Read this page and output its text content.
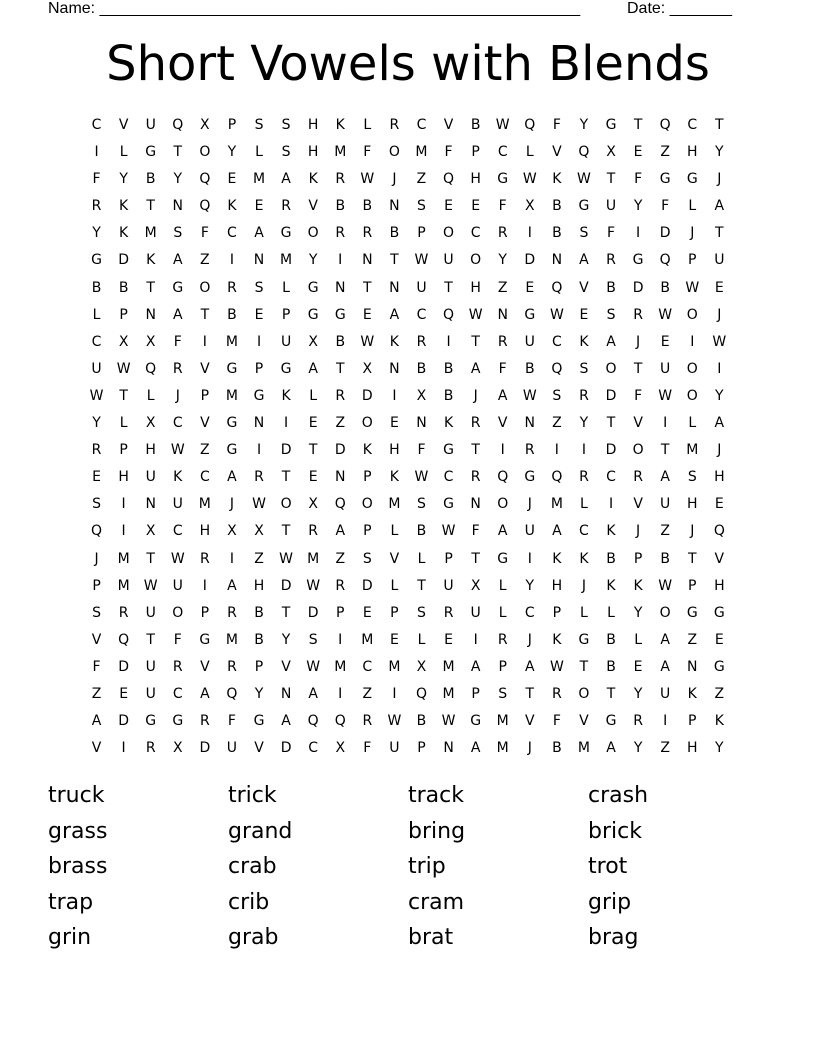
Name: ______________________________________________________	Date: _______
Short Vowels with Blends
C	V	U	Q	X	P	S	S	H	K	L	R	C	V	B	W	Q	F	Y	G	T	Q	C	T
I	L	G	T	O	Y	L	S	H	M	F	O	M	F	P	C	L	V	Q	X	E	Z	H	Y
F	Y	B	Y	Q	E	M	A	K	R	W	J	Z	Q	H	G	W	K	W	T	F	G	G	J
R	K	T	N	Q	K	E	R	V	B	B	N	S	E	E	F	X	B	G	U	Y	F	L	A
Y	K	M	S	F	C	A	G	O	R	R	B	P	O	C	R	I	B	S	F	I	D	J	T
G	D	K	A	Z	I	N	M	Y	I	N	T	W	U	O	Y	D	N	A	R	G	Q	P	U
B	B	T	G	O	R	S	L	G	N	T	N	U	T	H	Z	E	Q	V	B	D	B	W	E
L	P	N	A	T	B	E	P	G	G	E	A	C	Q	W	N	G	W	E	S	R	W	O	J
C	X	X	F	I	M	I	U	X	B	W	K	R	I	T	R	U	C	K	A	J	E	I	W
U	W	Q	R	V	G	P	G	A	T	X	N	B	B	A	F	B	Q	S	O	T	U	O	I
W	T	L	J	P	M	G	K	L	R	D	I	X	B	J	A	W	S	R	D	F	W	O	Y
Y	L	X	C	V	G	N	I	E	Z	O	E	N	K	R	V	N	Z	Y	T	V	I	L	A
R	P	H	W	Z	G	I	D	T	D	K	H	F	G	T	I	R	I	I	D	O	T	M	J
E	H	U	K	C	A	R	T	E	N	P	K	W	C	R	Q	G	Q	R	C	R	A	S	H
S	I	N	U	M	J	W	O	X	Q	O	M	S	G	N	O	J	M	L	I	V	U	H	E
Q	I	X	C	H	X	X	T	R	A	P	L	B	W	F	A	U	A	C	K	J	Z	J	Q
J	M	T	W	R	I	Z	W	M	Z	S	V	L	P	T	G	I	K	K	B	P	B	T	V
P	M	W	U	I	A	H	D	W	R	D	L	T	U	X	L	Y	H	J	K	K	W	P	H
S	R	U	O	P	R	B	T	D	P	E	P	S	R	U	L	C	P	L	L	Y	O	G	G
V	Q	T	F	G	M	B	Y	S	I	M	E	L	E	I	R	J	K	G	B	L	A	Z	E
F	D	U	R	V	R	P	V	W	M	C	M	X	M	A	P	A	W	T	B	E	A	N	G
Z	E	U	C	A	Q	Y	N	A	I	Z	I	Q	M	P	S	T	R	O	T	Y	U	K	Z
A	D	G	G	R	F	G	A	Q	Q	R	W	B	W	G	M	V	F	V	G	R	I	P	K
V	I	R	X	D	U	V	D	C	X	F	U	P	N	A	M	J	B	M	A	Y	Z	H	Y
truck	trick	track	crash
grass	grand	bring	brick
brass	crab	trip	trot
trap	crib	cram	grip
grin	grab	brat	brag
